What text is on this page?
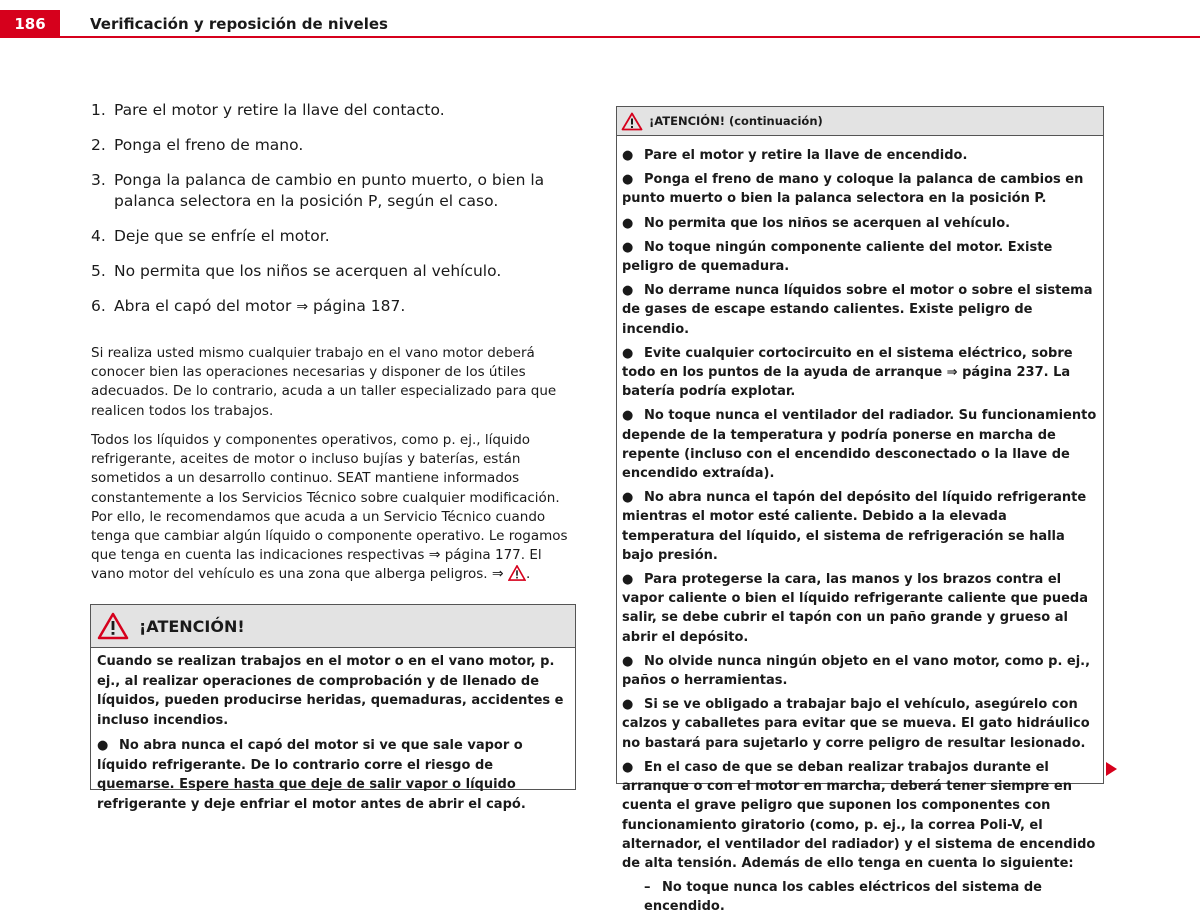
186	Verificación y reposición de niveles
1. Pare el motor y retire la llave del contacto.
2. Ponga el freno de mano.
3. Ponga la palanca de cambio en punto muerto, o bien la palanca selectora en la posición P, según el caso.
4. Deje que se enfríe el motor.
5. No permita que los niños se acerquen al vehículo.
6. Abra el capó del motor ⇒ página 187.

Si realiza usted mismo cualquier trabajo en el vano motor deberá conocer bien las operaciones necesarias y disponer de los útiles adecuados. De lo contrario, acuda a un taller especializado para que realicen todos los trabajos.

Todos los líquidos y componentes operativos, como p. ej., líquido refrigerante, aceites de motor o incluso bujías y baterías, están sometidos a un desarrollo continuo. SEAT mantiene informados constantemente a los Servicios Técnico sobre cualquier modificación. Por ello, le recomendamos que acuda a un Servicio Técnico cuando tenga que cambiar algún líquido o componente operativo. Le rogamos que tenga en cuenta las indicaciones respectivas ⇒ página 177. El vano motor del vehículo es una zona que alberga peligros. ⇒ .

¡ATENCIÓN!

Cuando se realizan trabajos en el motor o en el vano motor, p. ej., al realizar operaciones de comprobación y de llenado de líquidos, pueden producirse heridas, quemaduras, accidentes e incluso incendios.

● No abra nunca el capó del motor si ve que sale vapor o líquido refrigerante. De lo contrario corre el riesgo de quemarse. Espere hasta que deje de salir vapor o líquido refrigerante y deje enfriar el motor antes de abrir el capó.

¡ATENCIÓN! (continuación)

● Pare el motor y retire la llave de encendido.

● Ponga el freno de mano y coloque la palanca de cambios en punto muerto o bien la palanca selectora en la posición P.

● No permita que los niños se acerquen al vehículo.

● No toque ningún componente caliente del motor. Existe peligro de quemadura.

● No derrame nunca líquidos sobre el motor o sobre el sistema de gases de escape estando calientes. Existe peligro de incendio.

● Evite cualquier cortocircuito en el sistema eléctrico, sobre todo en los puntos de la ayuda de arranque ⇒ página 237. La batería podría explotar.

● No toque nunca el ventilador del radiador. Su funcionamiento depende de la temperatura y podría ponerse en marcha de repente (incluso con el encendido desconectado o la llave de encendido extraída).

● No abra nunca el tapón del depósito del líquido refrigerante mientras el motor esté caliente. Debido a la elevada temperatura del líquido, el sistema de refrigeración se halla bajo presión.

● Para protegerse la cara, las manos y los brazos contra el vapor caliente o bien el líquido refrigerante caliente que pueda salir, se debe cubrir el tapón con un paño grande y grueso al abrir el depósito.

● No olvide nunca ningún objeto en el vano motor, como p. ej., paños o herramientas.

● Si se ve obligado a trabajar bajo el vehículo, asegúrelo con calzos y caballetes para evitar que se mueva. El gato hidráulico no bastará para sujetarlo y corre peligro de resultar lesionado.

● En el caso de que se deban realizar trabajos durante el arranque o con el motor en marcha, deberá tener siempre en cuenta el grave peligro que suponen los componentes con funcionamiento giratorio (como, p. ej., la correa Poli-V, el alternador, el ventilador del radiador) y el sistema de encendido de alta tensión. Además de ello tenga en cuenta lo siguiente:

– No toque nunca los cables eléctricos del sistema de encendido.
